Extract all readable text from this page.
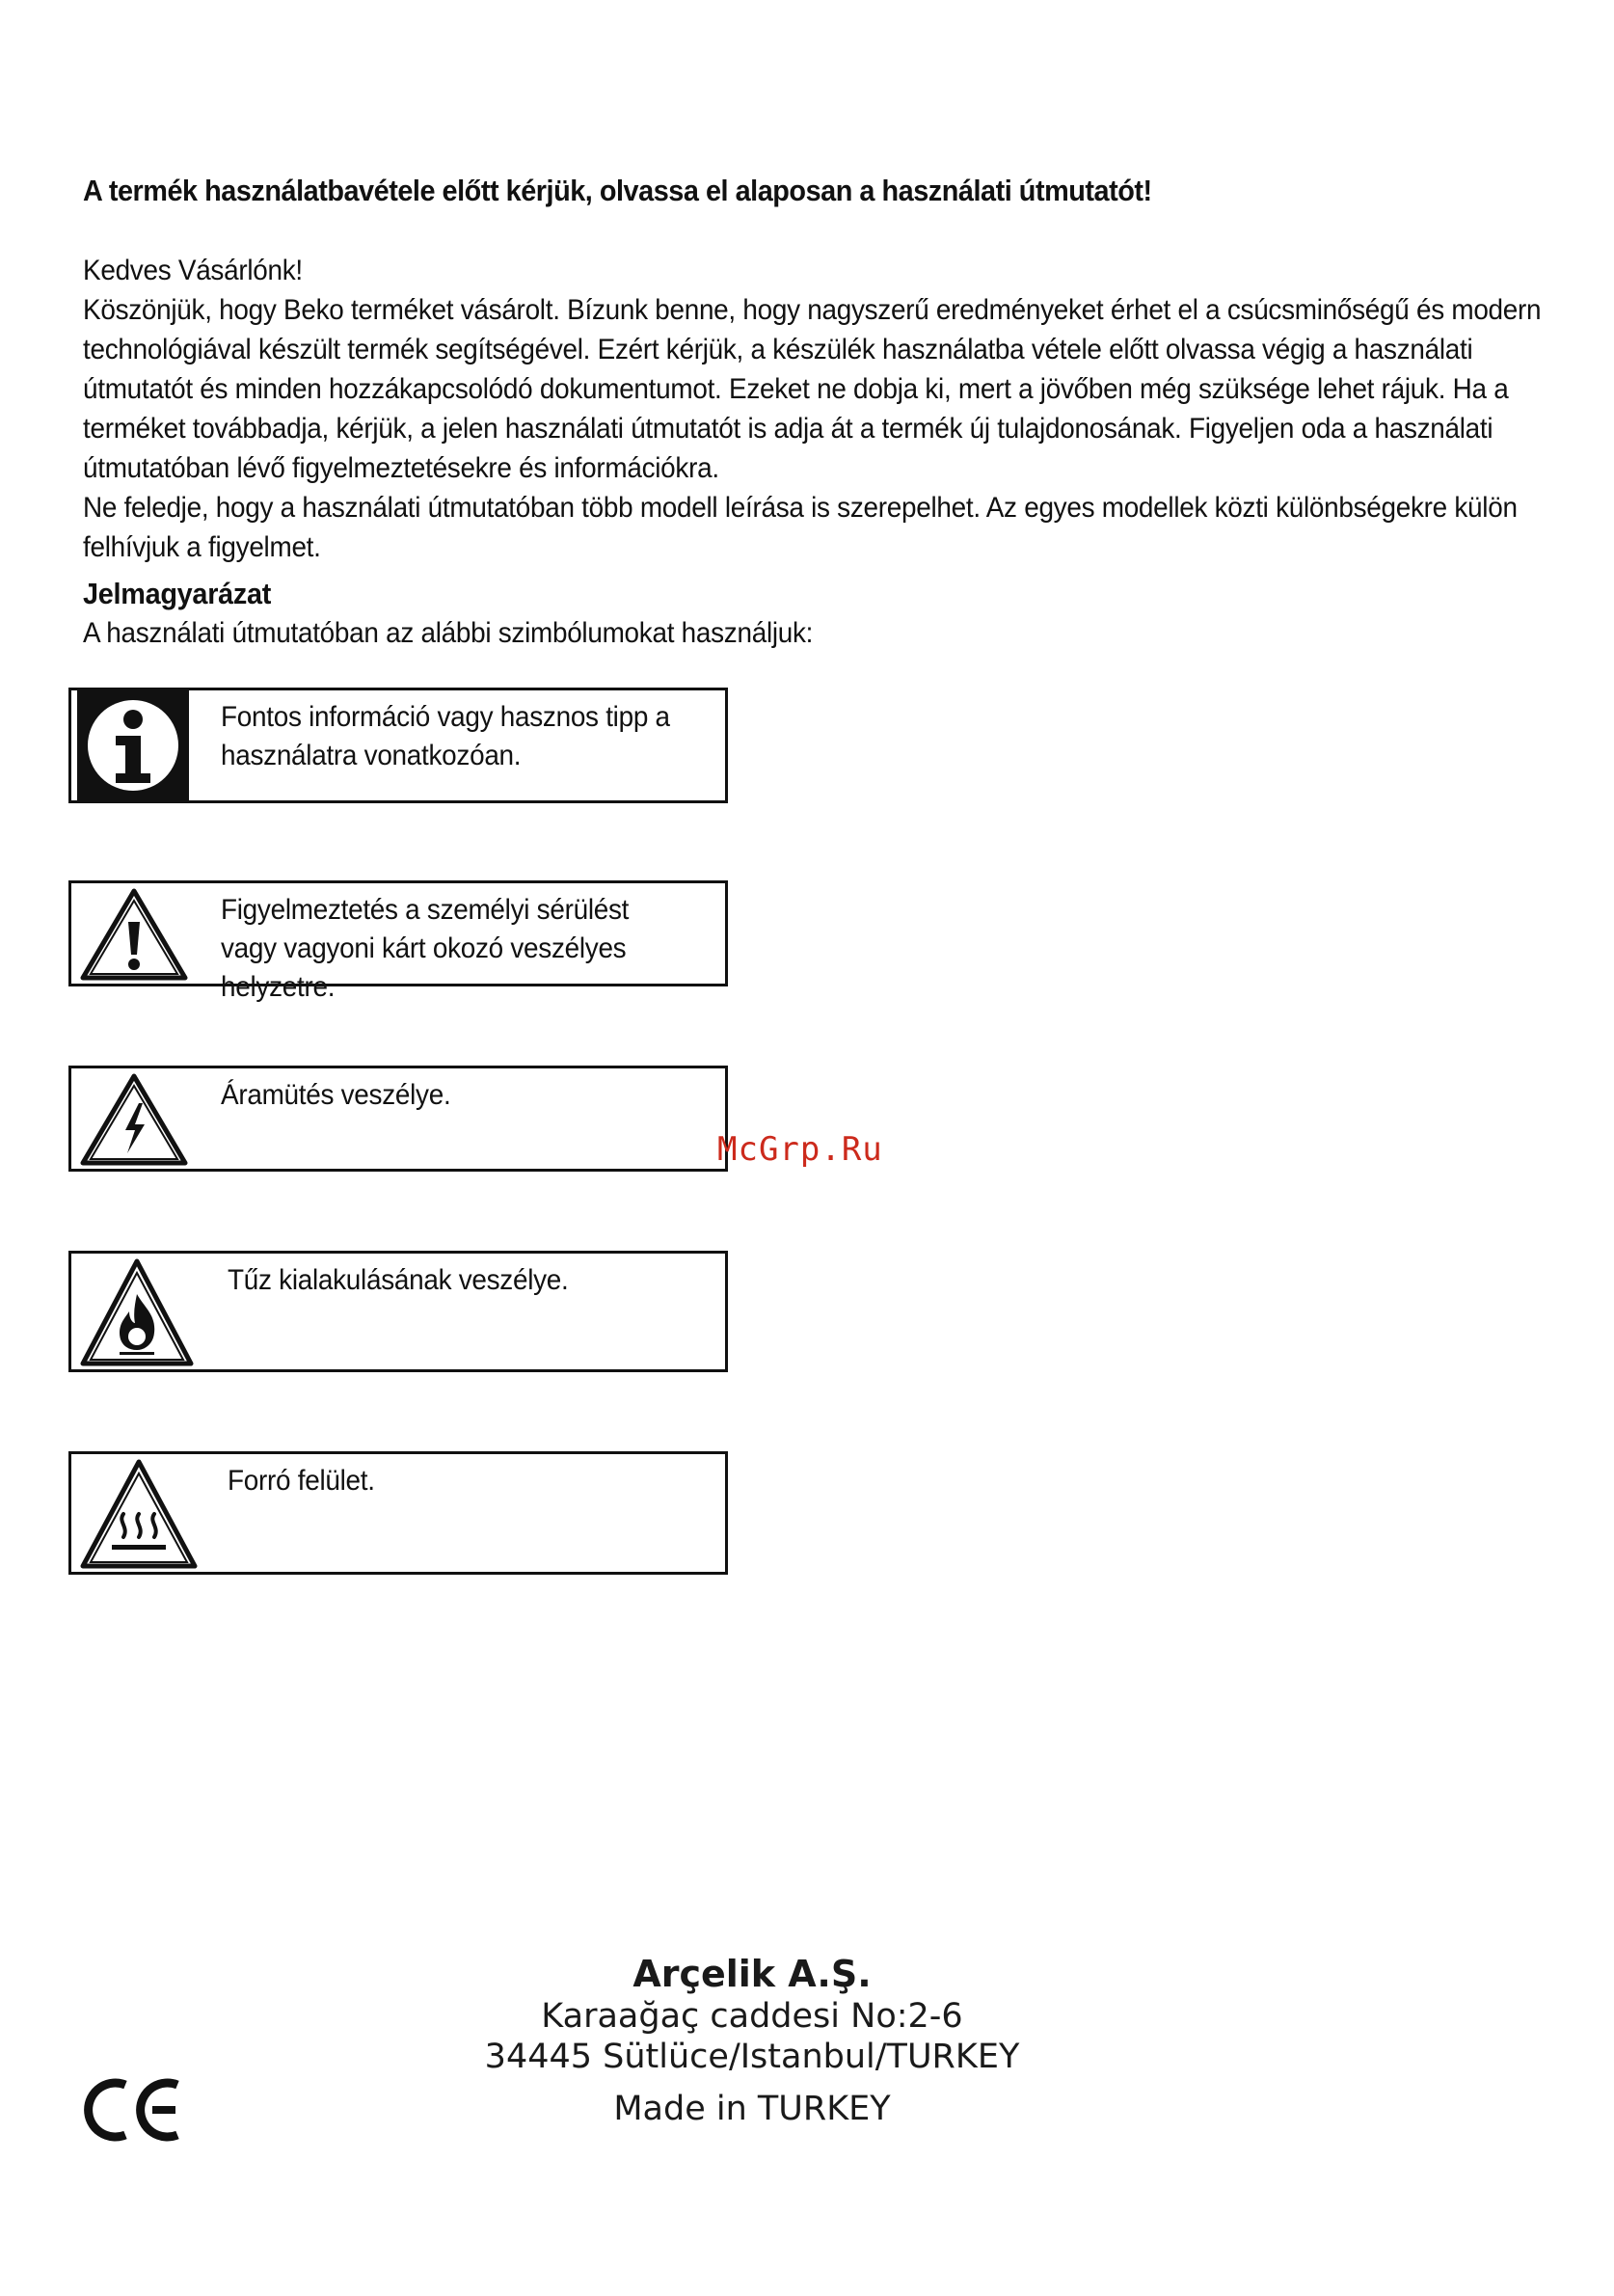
A termék használatbavétele előtt kérjük, olvassa el alaposan a használati útmutatót!

Kedves Vásárlónk!

Köszönjük, hogy Beko terméket vásárolt. Bízunk benne, hogy nagyszerű eredményeket érhet el a csúcsminőségű és modern technológiával készült termék segítségével. Ezért kérjük, a készülék használatba vétele előtt olvassa végig a használati útmutatót és minden hozzákapcsolódó dokumentumot. Ezeket ne dobja ki, mert a jövőben még szüksége lehet rájuk. Ha a terméket továbbadja, kérjük, a jelen használati útmutatót is adja át a termék új tulajdonosának. Figyeljen oda a használati útmutatóban lévő figyelmeztetésekre és információkra.

Ne feledje, hogy a használati útmutatóban több modell leírása is szerepelhet. Az egyes modellek közti különbségekre külön felhívjuk a figyelmet.

Jelmagyarázat
A használati útmutatóban az alábbi szimbólumokat használjuk:
Fontos információ vagy hasznos tipp a használatra vonatkozóan.
Figyelmeztetés a személyi sérülést vagy vagyoni kárt okozó veszélyes helyzetre.
Áramütés veszélye.
Tűz kialakulásának veszélye.
Forró felület.
McGrp.Ru
Arçelik A.Ş.
Karaağaç caddesi No:2-6
34445 Sütlüce/Istanbul/TURKEY
Made in TURKEY
